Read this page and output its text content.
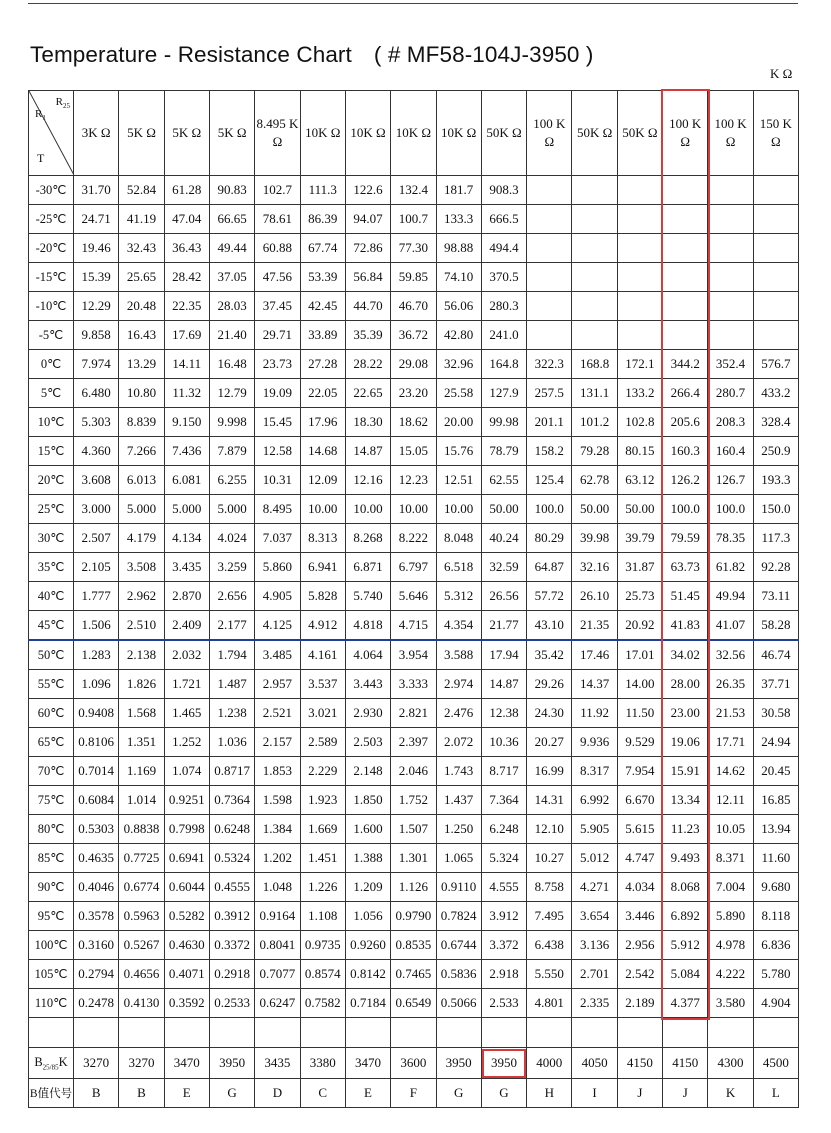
Temperature - Resistance Chart ( # MF58-104J-3950 )
K Ω
$R_{25}$
$R_1$
T	3K Ω	5K Ω	5K Ω	5K Ω	8.495 K Ω	10K Ω	10K Ω	10K Ω	10K Ω	50K Ω	100 K Ω	50K Ω	50K Ω	100 K Ω	100 K Ω	150 K Ω
-30℃	31.70	52.84	61.28	90.83	102.7	111.3	122.6	132.4	181.7	908.3						
-25℃	24.71	41.19	47.04	66.65	78.61	86.39	94.07	100.7	133.3	666.5						
-20℃	19.46	32.43	36.43	49.44	60.88	67.74	72.86	77.30	98.88	494.4						
-15℃	15.39	25.65	28.42	37.05	47.56	53.39	56.84	59.85	74.10	370.5						
-10℃	12.29	20.48	22.35	28.03	37.45	42.45	44.70	46.70	56.06	280.3						
-5℃	9.858	16.43	17.69	21.40	29.71	33.89	35.39	36.72	42.80	241.0						
0℃	7.974	13.29	14.11	16.48	23.73	27.28	28.22	29.08	32.96	164.8	322.3	168.8	172.1	344.2	352.4	576.7
5℃	6.480	10.80	11.32	12.79	19.09	22.05	22.65	23.20	25.58	127.9	257.5	131.1	133.2	266.4	280.7	433.2
10℃	5.303	8.839	9.150	9.998	15.45	17.96	18.30	18.62	20.00	99.98	201.1	101.2	102.8	205.6	208.3	328.4
15℃	4.360	7.266	7.436	7.879	12.58	14.68	14.87	15.05	15.76	78.79	158.2	79.28	80.15	160.3	160.4	250.9
20℃	3.608	6.013	6.081	6.255	10.31	12.09	12.16	12.23	12.51	62.55	125.4	62.78	63.12	126.2	126.7	193.3
25℃	3.000	5.000	5.000	5.000	8.495	10.00	10.00	10.00	10.00	50.00	100.0	50.00	50.00	100.0	100.0	150.0
30℃	2.507	4.179	4.134	4.024	7.037	8.313	8.268	8.222	8.048	40.24	80.29	39.98	39.79	79.59	78.35	117.3
35℃	2.105	3.508	3.435	3.259	5.860	6.941	6.871	6.797	6.518	32.59	64.87	32.16	31.87	63.73	61.82	92.28
40℃	1.777	2.962	2.870	2.656	4.905	5.828	5.740	5.646	5.312	26.56	57.72	26.10	25.73	51.45	49.94	73.11
45℃	1.506	2.510	2.409	2.177	4.125	4.912	4.818	4.715	4.354	21.77	43.10	21.35	20.92	41.83	41.07	58.28
50℃	1.283	2.138	2.032	1.794	3.485	4.161	4.064	3.954	3.588	17.94	35.42	17.46	17.01	34.02	32.56	46.74
55℃	1.096	1.826	1.721	1.487	2.957	3.537	3.443	3.333	2.974	14.87	29.26	14.37	14.00	28.00	26.35	37.71
60℃	0.9408	1.568	1.465	1.238	2.521	3.021	2.930	2.821	2.476	12.38	24.30	11.92	11.50	23.00	21.53	30.58
65℃	0.8106	1.351	1.252	1.036	2.157	2.589	2.503	2.397	2.072	10.36	20.27	9.936	9.529	19.06	17.71	24.94
70℃	0.7014	1.169	1.074	0.8717	1.853	2.229	2.148	2.046	1.743	8.717	16.99	8.317	7.954	15.91	14.62	20.45
75℃	0.6084	1.014	0.9251	0.7364	1.598	1.923	1.850	1.752	1.437	7.364	14.31	6.992	6.670	13.34	12.11	16.85
80℃	0.5303	0.8838	0.7998	0.6248	1.384	1.669	1.600	1.507	1.250	6.248	12.10	5.905	5.615	11.23	10.05	13.94
85℃	0.4635	0.7725	0.6941	0.5324	1.202	1.451	1.388	1.301	1.065	5.324	10.27	5.012	4.747	9.493	8.371	11.60
90℃	0.4046	0.6774	0.6044	0.4555	1.048	1.226	1.209	1.126	0.9110	4.555	8.758	4.271	4.034	8.068	7.004	9.680
95℃	0.3578	0.5963	0.5282	0.3912	0.9164	1.108	1.056	0.9790	0.7824	3.912	7.495	3.654	3.446	6.892	5.890	8.118
100℃	0.3160	0.5267	0.4630	0.3372	0.8041	0.9735	0.9260	0.8535	0.6744	3.372	6.438	3.136	2.956	5.912	4.978	6.836
105℃	0.2794	0.4656	0.4071	0.2918	0.7077	0.8574	0.8142	0.7465	0.5836	2.918	5.550	2.701	2.542	5.084	4.222	5.780
110℃	0.2478	0.4130	0.3592	0.2533	0.6247	0.7582	0.7184	0.6549	0.5066	2.533	4.801	2.335	2.189	4.377	3.580	4.904

$B_{25/85}K$	3270	3270	3470	3950	3435	3380	3470	3600	3950	3950	4000	4050	4150	4150	4300	4500
B值代号	B	B	E	G	D	C	E	F	G	G	H	I	J	J	K	L
